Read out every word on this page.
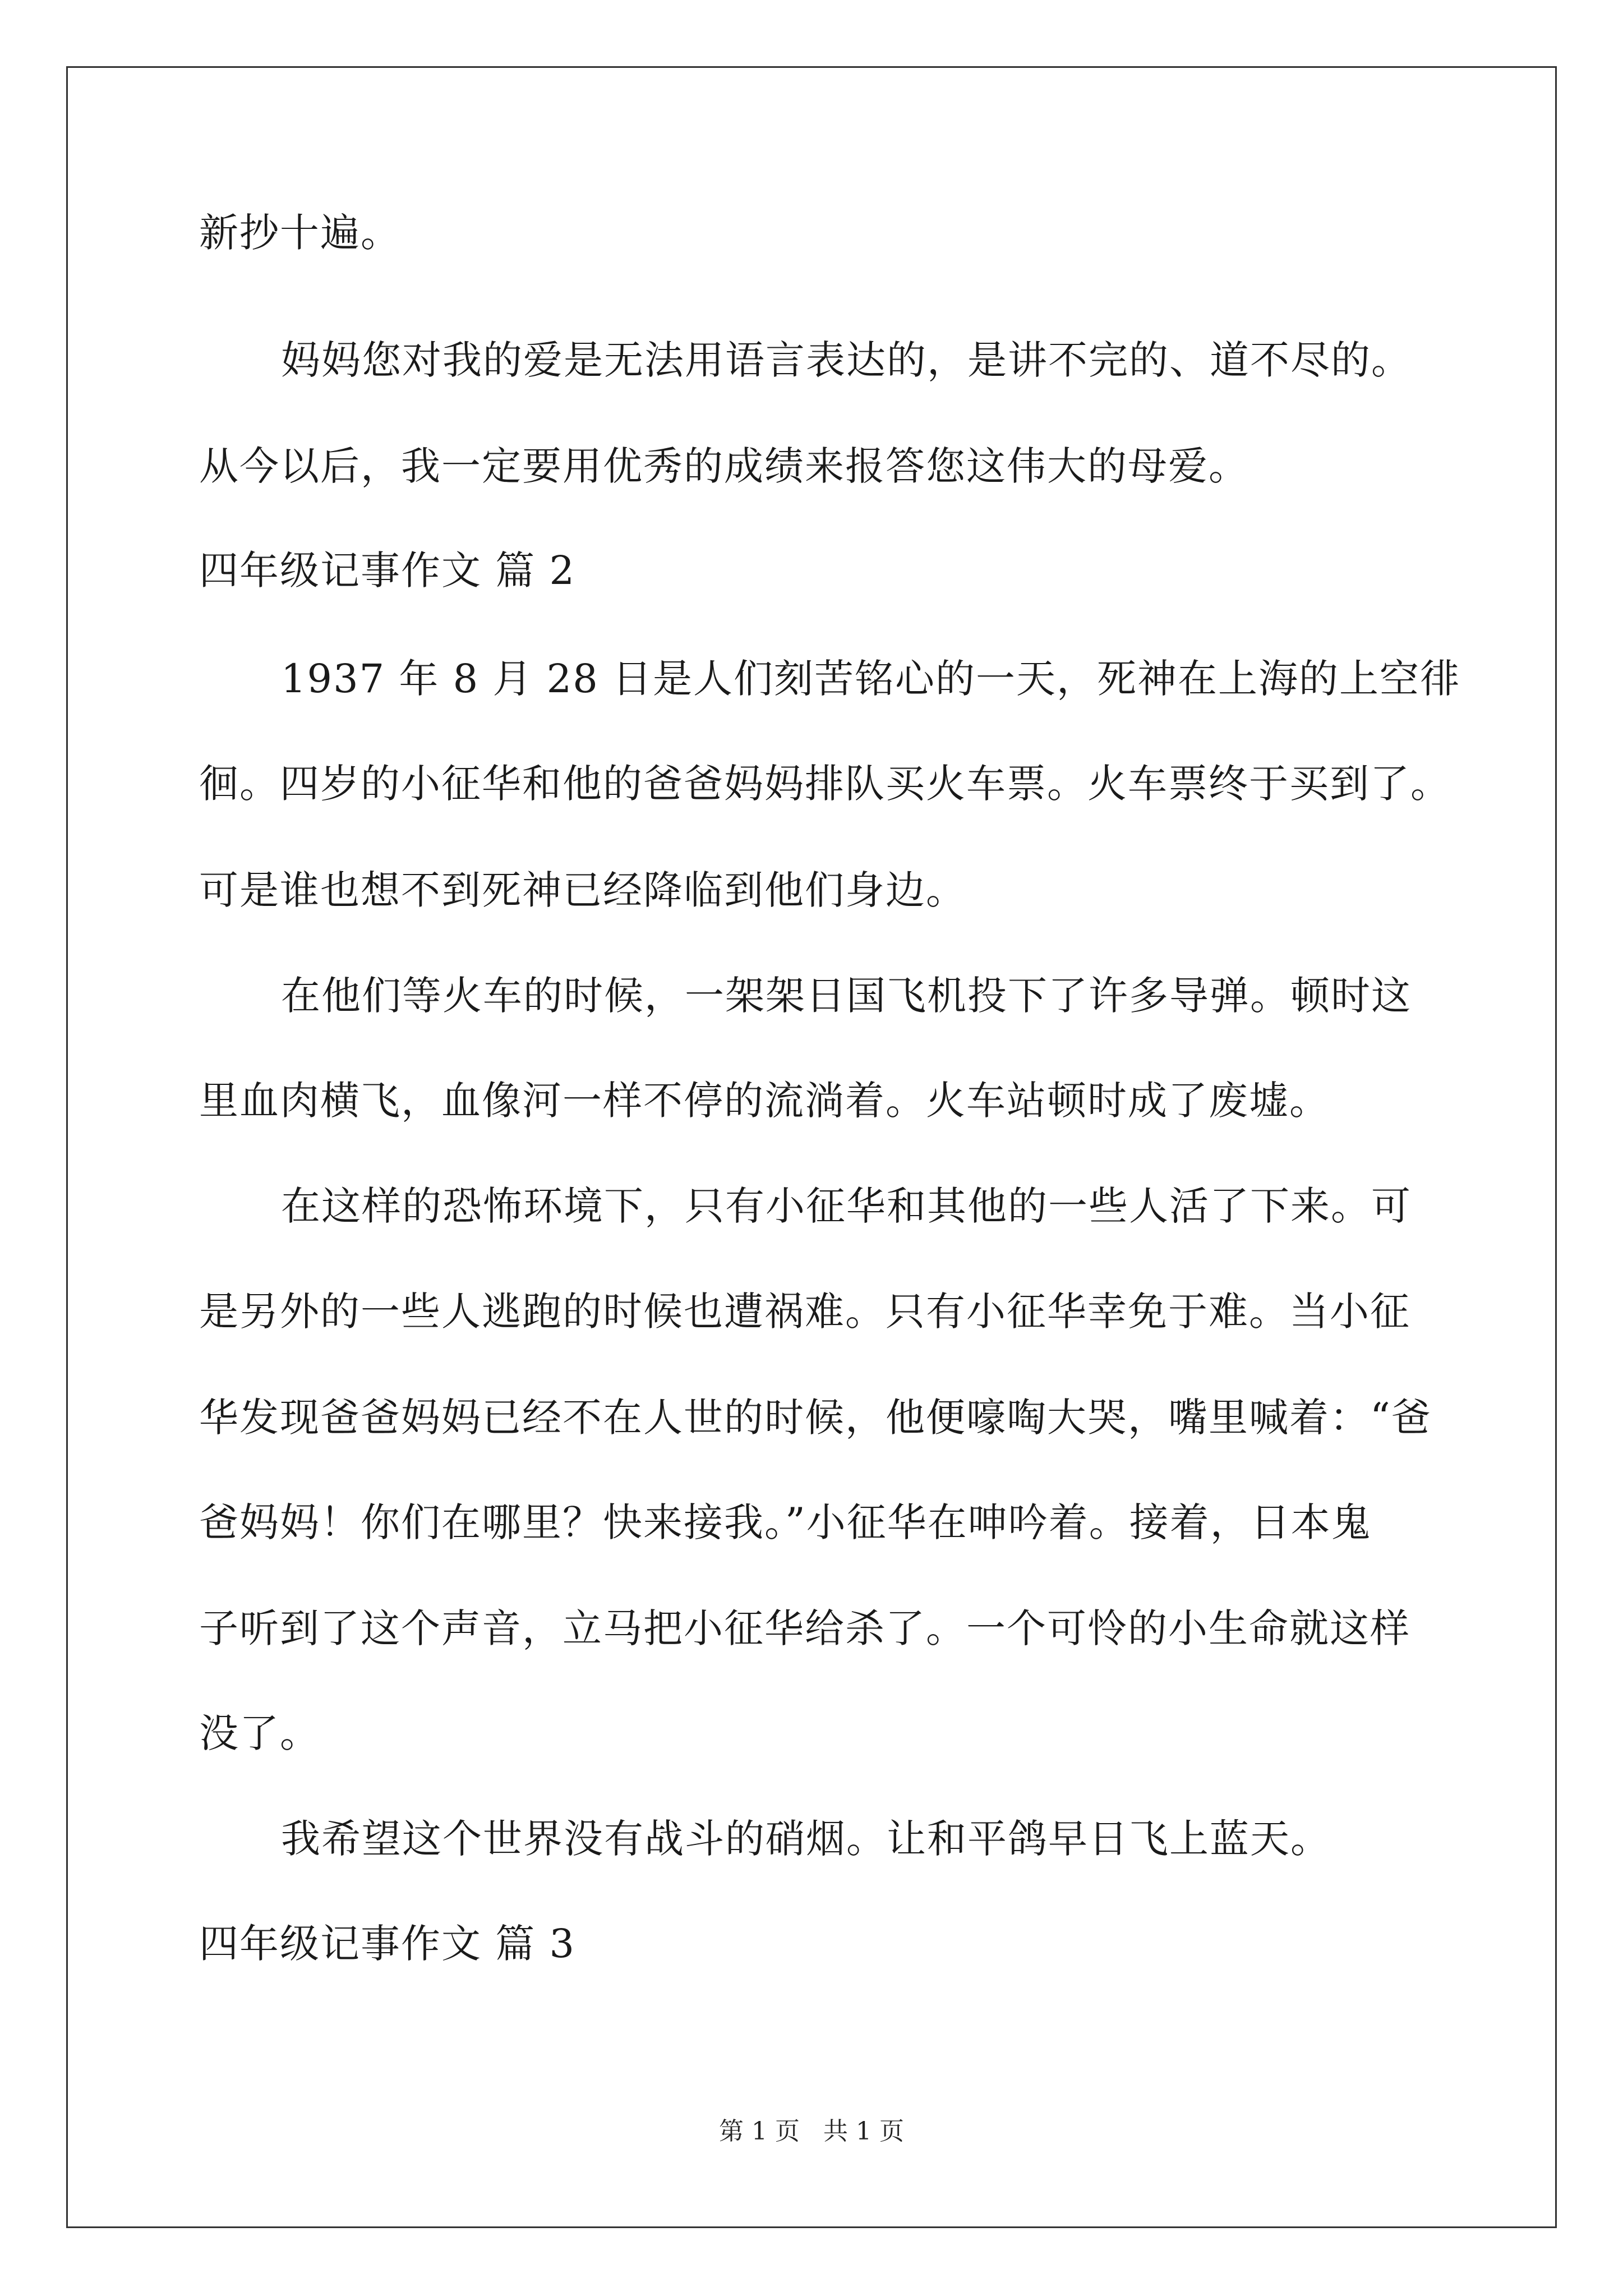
新抄十遍。
妈妈您对我的爱是无法用语言表达的，是讲不完的、道不尽的。
从今以后，我一定要用优秀的成绩来报答您这伟大的母爱。
四年级记事作文 篇 2
1937 年 8 月 28 日是人们刻苦铭心的一天，死神在上海的上空徘
徊。四岁的小征华和他的爸爸妈妈排队买火车票。火车票终于买到了。
可是谁也想不到死神已经降临到他们身边。
在他们等火车的时候，一架架日国飞机投下了许多导弹。顿时这
里血肉横飞，血像河一样不停的流淌着。火车站顿时成了废墟。
在这样的恐怖环境下，只有小征华和其他的一些人活了下来。可
是另外的一些人逃跑的时候也遭祸难。只有小征华幸免于难。当小征
华发现爸爸妈妈已经不在人世的时候，他便嚎啕大哭，嘴里喊着：“爸
爸妈妈！你们在哪里？快来接我。”小征华在呻吟着。接着，日本鬼
子听到了这个声音，立马把小征华给杀了。一个可怜的小生命就这样
没了。
我希望这个世界没有战斗的硝烟。让和平鸽早日飞上蓝天。
四年级记事作文 篇 3
第 1 页 共 1 页
